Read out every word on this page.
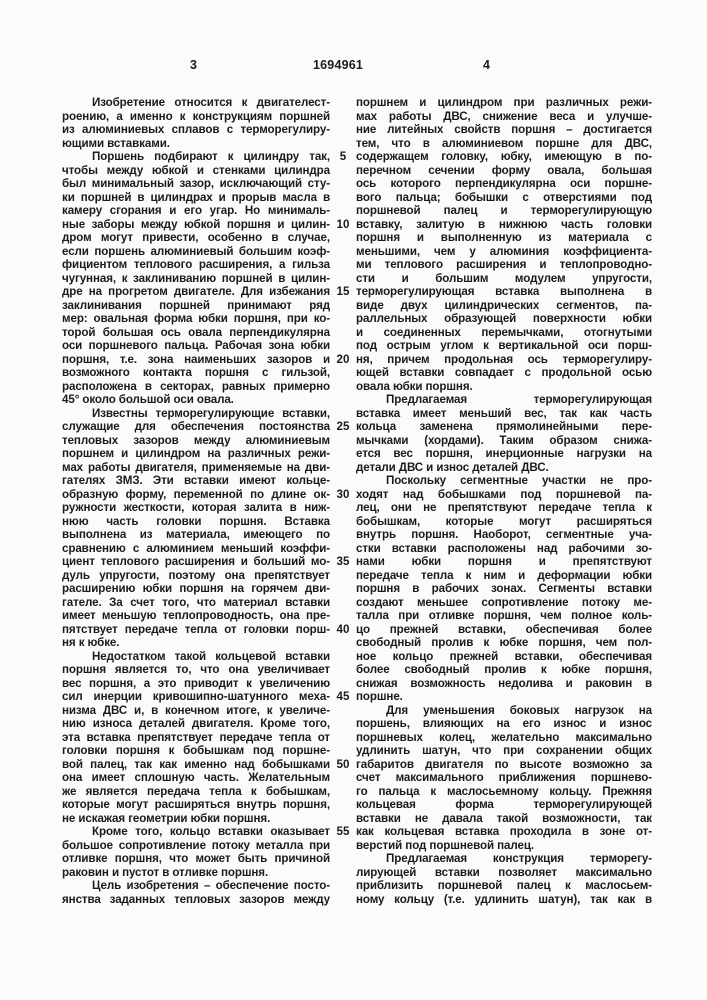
3	1694961	4
Изобретение относится к двигателест-
роению, а именно к конструкциям поршней
из алюминиевых сплавов с терморегулиру-
ющими вставками.
Поршень подбирают к цилиндру так,
чтобы между юбкой и стенками цилиндра
был минимальный зазор, исключающий сту-
ки поршней в цилиндрах и прорыв масла в
камеру сгорания и его угар. Но минималь-
ные заборы между юбкой поршня и цилин-
дром могут привести, особенно в случае,
если поршень алюминиевый большим коэф-
фициентом теплового расширения, а гильза
чугунная, к заклиниванию поршней в цилин-
дре на прогретом двигателе. Для избежания
заклинивания поршней принимают ряд
мер: овальная форма юбки поршня, при ко-
торой большая ось овала перпендикулярна
оси поршневого пальца. Рабочая зона юбки
поршня, т.е. зона наименьших зазоров и
возможного контакта поршня с гильзой,
расположена в секторах, равных примерно
45° около большой оси овала.
Известны терморегулирующие вставки,
служащие для обеспечения постоянства
тепловых зазоров между алюминиевым
поршнем и цилиндром на различных режи-
мах работы двигателя, применяемые на дви-
гателях ЗМЗ. Эти вставки имеют кольце-
образную форму, переменной по длине ок-
ружности жесткости, которая залита в ниж-
нюю часть головки поршня. Вставка
выполнена из материала, имеющего по
сравнению с алюминием меньший коэффи-
циент теплового расширения и больший мо-
дуль упругости, поэтому она препятствует
расширению юбки поршня на горячем дви-
гателе. За счет того, что материал вставки
имеет меньшую теплопроводность, она пре-
пятствует передаче тепла от головки порш-
ня к юбке.
Недостатком такой кольцевой вставки
поршня является то, что она увеличивает
вес поршня, а это приводит к увеличению
сил инерции кривошипно-шатунного меха-
низма ДВС и, в конечном итоге, к увеличе-
нию износа деталей двигателя. Кроме того,
эта вставка препятствует передаче тепла от
головки поршня к бобышкам под поршне-
вой палец, так как именно над бобышками
она имеет сплошную часть. Желательным
же является передача тепла к бобышкам,
которые могут расширяться внутрь поршня,
не искажая геометрии юбки поршня.
Кроме того, кольцо вставки оказывает
большое сопротивление потоку металла при
отливке поршня, что может быть причиной
раковин и пустот в отливке поршня.
Цель изобретения – обеспечение посто-
янства заданных тепловых зазоров между
5
10
15
20
25
30
35
40
45
50
55
поршнем и цилиндром при различных режи-
мах работы ДВС, снижение веса и улучше-
ние литейных свойств поршня – достигается
тем, что в алюминиевом поршне для ДВС,
содержащем головку, юбку, имеющую в по-
перечном сечении форму овала, большая
ось которого перпендикулярна оси поршне-
вого пальца; бобышки с отверстиями под
поршневой палец и терморегулирующую
вставку, залитую в нижнюю часть головки
поршня и выполненную из материала с
меньшими, чем у алюминия коэффициента-
ми теплового расширения и теплопроводно-
сти и большим модулем упругости,
терморегулирующая вставка выполнена в
виде двух цилиндрических сегментов, па-
раллельных образующей поверхности юбки
и соединенных перемычками, отогнутыми
под острым углом к вертикальной оси порш-
ня, причем продольная ось терморегулиру-
ющей вставки совпадает с продольной осью
овала юбки поршня.
Предлагаемая терморегулирующая
вставка имеет меньший вес, так как часть
кольца заменена прямолинейными пере-
мычками (хордами). Таким образом снижа-
ется вес поршня, инерционные нагрузки на
детали ДВС и износ деталей ДВС.
Поскольку сегментные участки не про-
ходят над бобышками под поршневой па-
лец, они не препятствуют передаче тепла к
бобышкам, которые могут расширяться
внутрь поршня. Наоборот, сегментные уча-
стки вставки расположены над рабочими зо-
нами юбки поршня и препятствуют
передаче тепла к ним и деформации юбки
поршня в рабочих зонах. Сегменты вставки
создают меньшее сопротивление потоку ме-
талла при отливке поршня, чем полное коль-
цо прежней вставки, обеспечивая более
свободный пролив к юбке поршня, чем пол-
ное кольцо прежней вставки, обеспечивая
более свободный пролив к юбке поршня,
снижая возможность недолива и раковин в
поршне.
Для уменьшения боковых нагрузок на
поршень, влияющих на его износ и износ
поршневых колец, желательно максимально
удлинить шатун, что при сохранении общих
габаритов двигателя по высоте возможно за
счет максимального приближения поршнево-
го пальца к маслосьемному кольцу. Прежняя
кольцевая форма терморегулирующей
вставки не давала такой возможности, так
как кольцевая вставка проходила в зоне от-
верстий под поршневой палец.
Предлагаемая конструкция терморегу-
лирующей вставки позволяет максимально
приблизить поршневой палец к маслосьем-
ному кольцу (т.е. удлинить шатун), так как в
